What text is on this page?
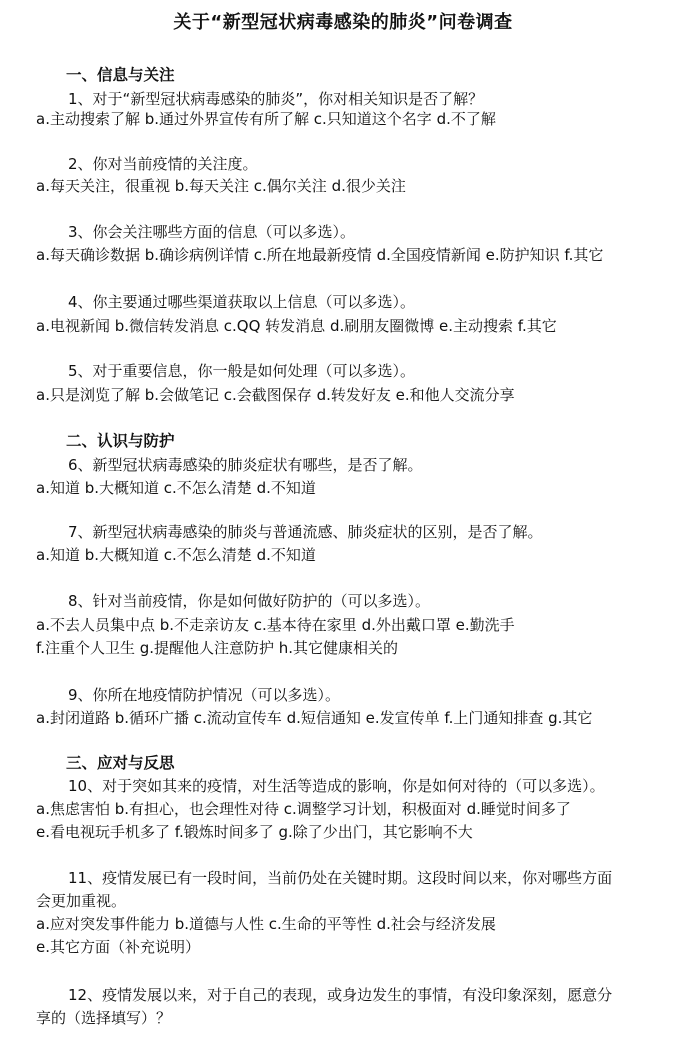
关于“新型冠状病毒感染的肺炎”问卷调查
一、信息与关注
1、对于“新型冠状病毒感染的肺炎”，你对相关知识是否了解？
a.主动搜索了解 b.通过外界宣传有所了解 c.只知道这个名字 d.不了解
2、你对当前疫情的关注度。
a.每天关注，很重视 b.每天关注 c.偶尔关注 d.很少关注
3、你会关注哪些方面的信息（可以多选）。
a.每天确诊数据 b.确诊病例详情 c.所在地最新疫情 d.全国疫情新闻 e.防护知识 f.其它
4、你主要通过哪些渠道获取以上信息（可以多选）。
a.电视新闻 b.微信转发消息 c.QQ 转发消息 d.刷朋友圈微博 e.主动搜索 f.其它
5、对于重要信息，你一般是如何处理（可以多选）。
a.只是浏览了解 b.会做笔记 c.会截图保存 d.转发好友 e.和他人交流分享
二、认识与防护
6、新型冠状病毒感染的肺炎症状有哪些，是否了解。
a.知道 b.大概知道 c.不怎么清楚 d.不知道
7、新型冠状病毒感染的肺炎与普通流感、肺炎症状的区别，是否了解。
a.知道 b.大概知道 c.不怎么清楚 d.不知道
8、针对当前疫情，你是如何做好防护的（可以多选）。
a.不去人员集中点 b.不走亲访友 c.基本待在家里 d.外出戴口罩 e.勤洗手
f.注重个人卫生 g.提醒他人注意防护 h.其它健康相关的
9、你所在地疫情防护情况（可以多选）。
a.封闭道路 b.循环广播 c.流动宣传车 d.短信通知 e.发宣传单 f.上门通知排查 g.其它
三、应对与反思
10、对于突如其来的疫情，对生活等造成的影响，你是如何对待的（可以多选）。
a.焦虑害怕 b.有担心，也会理性对待 c.调整学习计划，积极面对 d.睡觉时间多了
e.看电视玩手机多了 f.锻炼时间多了 g.除了少出门，其它影响不大
11、疫情发展已有一段时间，当前仍处在关键时期。这段时间以来，你对哪些方面
会更加重视。
a.应对突发事件能力 b.道德与人性 c.生命的平等性 d.社会与经济发展
e.其它方面（补充说明）
12、疫情发展以来，对于自己的表现，或身边发生的事情，有没印象深刻，愿意分
享的（选择填写）？
